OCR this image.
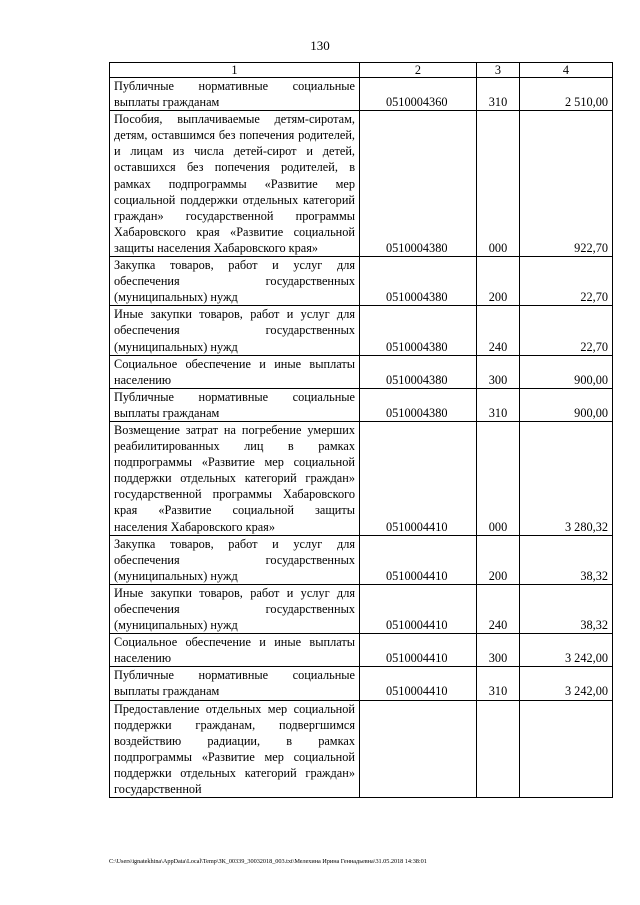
130
1	2	3	4
Публичные нормативные социальные выплаты гражданам	0510004360	310	2 510,00
Пособия, выплачиваемые детям-сиротам, детям, оставшимся без попечения родителей, и лицам из числа детей-сирот и детей, оставшихся без попечения родителей, в рамках подпрограммы «Развитие мер социальной поддержки отдельных категорий граждан» государственной программы Хабаровского края «Развитие социальной защиты населения Хабаровского края»	0510004380	000	922,70
Закупка товаров, работ и услуг для обеспечения государственных (муниципальных) нужд	0510004380	200	22,70
Иные закупки товаров, работ и услуг для обеспечения государственных (муниципальных) нужд	0510004380	240	22,70
Социальное обеспечение и иные выплаты населению	0510004380	300	900,00
Публичные нормативные социальные выплаты гражданам	0510004380	310	900,00
Возмещение затрат на погребение умерших реабилитированных лиц в рамках подпрограммы «Развитие мер социальной поддержки отдельных категорий граждан» государственной программы Хабаровского края «Развитие социальной защиты населения Хабаровского края»	0510004410	000	3 280,32
Закупка товаров, работ и услуг для обеспечения государственных (муниципальных) нужд	0510004410	200	38,32
Иные закупки товаров, работ и услуг для обеспечения государственных (муниципальных) нужд	0510004410	240	38,32
Социальное обеспечение и иные выплаты населению	0510004410	300	3 242,00
Публичные нормативные социальные выплаты гражданам	0510004410	310	3 242,00
Предоставление отдельных мер социальной поддержки гражданам, подвергшимся воздействию радиации, в рамках подпрограммы «Развитие мер социальной поддержки отдельных категорий граждан» государственной			
C:\Users\ignatekhina\AppData\Local\Temp\ЗК_00339_30032018_003.txt\Мелехина Ирина Геннадьевна\31.05.2018 14:38:01
